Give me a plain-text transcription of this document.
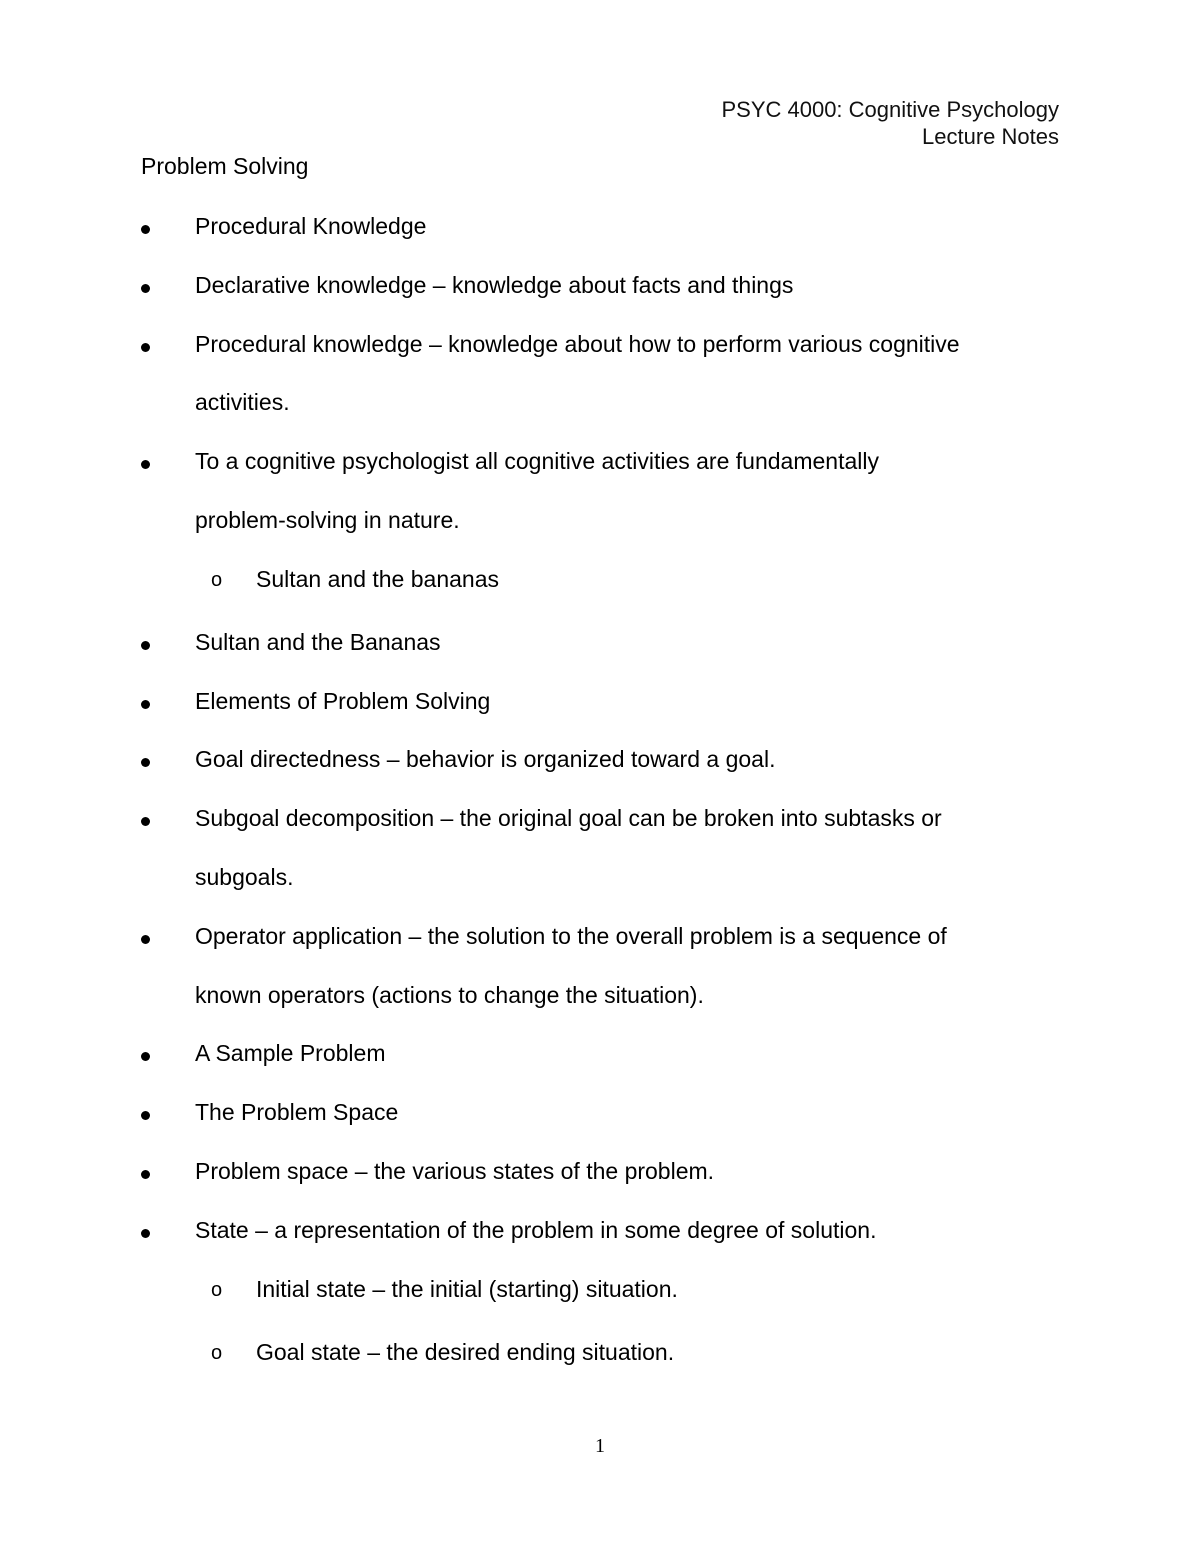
PSYC 4000: Cognitive Psychology
Lecture Notes
Problem Solving
Procedural Knowledge
Declarative knowledge – knowledge about facts and things
Procedural knowledge – knowledge about how to perform various cognitive
activities.
To a cognitive psychologist all cognitive activities are fundamentally
problem-solving in nature.
o Sultan and the bananas
Sultan and the Bananas
Elements of Problem Solving
Goal directedness – behavior is organized toward a goal.
Subgoal decomposition – the original goal can be broken into subtasks or
subgoals.
Operator application – the solution to the overall problem is a sequence of
known operators (actions to change the situation).
A Sample Problem
The Problem Space
Problem space – the various states of the problem.
State – a representation of the problem in some degree of solution.
o Initial state – the initial (starting) situation.
o Goal state – the desired ending situation.
1
